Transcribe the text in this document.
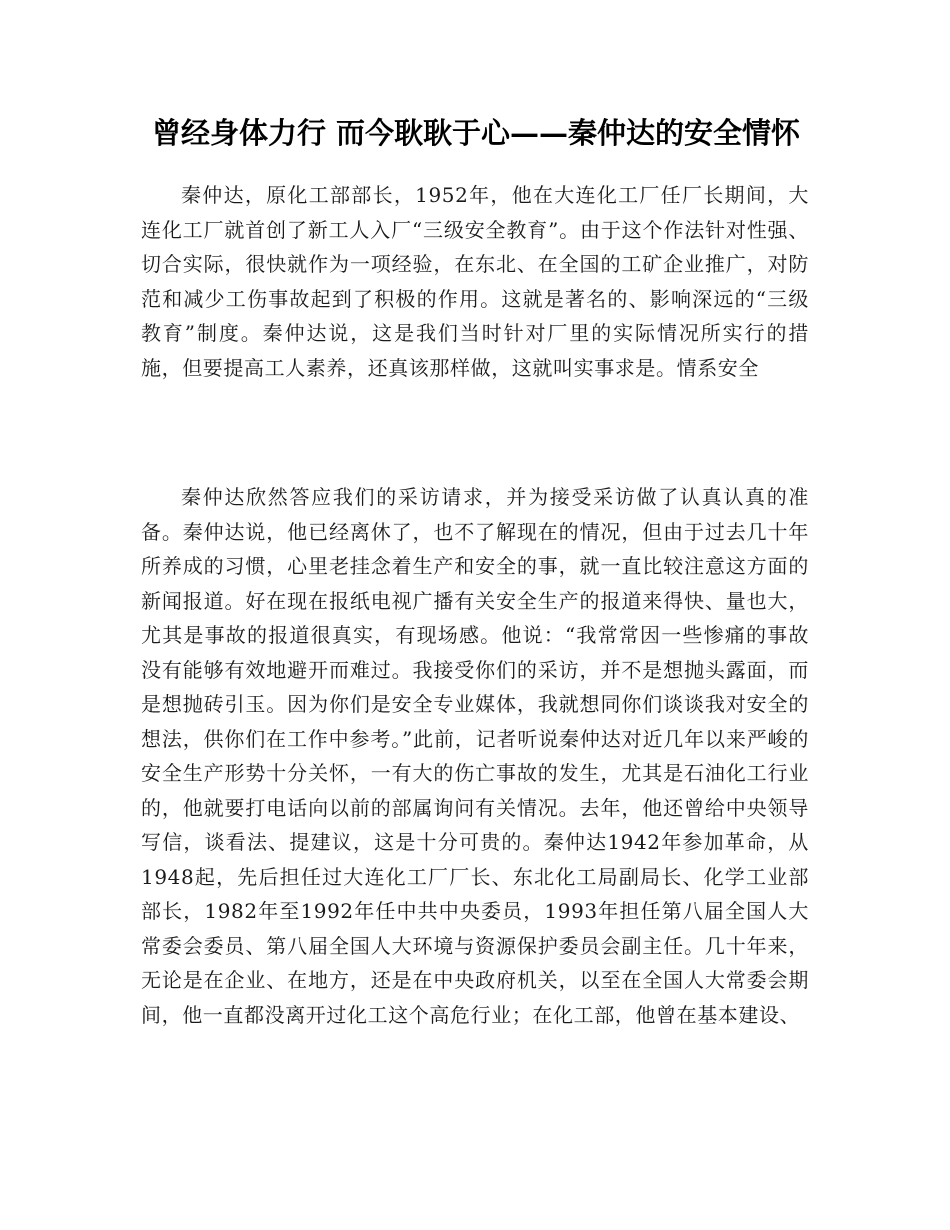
曾经身体力行 而今耿耿于心——秦仲达的安全情怀

秦仲达，原化工部部长，1952年，他在大连化工厂任厂长期间，大连化工厂就首创了新工人入厂“三级安全教育”。由于这个作法针对性强、切合实际，很快就作为一项经验，在东北、在全国的工矿企业推广，对防范和减少工伤事故起到了积极的作用。这就是著名的、影响深远的“三级教育”制度。秦仲达说，这是我们当时针对厂里的实际情况所实行的措施，但要提高工人素养，还真该那样做，这就叫实事求是。情系安全

秦仲达欣然答应我们的采访请求，并为接受采访做了认真认真的准备。秦仲达说，他已经离休了，也不了解现在的情况，但由于过去几十年所养成的习惯，心里老挂念着生产和安全的事，就一直比较注意这方面的新闻报道。好在现在报纸电视广播有关安全生产的报道来得快、量也大，尤其是事故的报道很真实，有现场感。他说：“我常常因一些惨痛的事故没有能够有效地避开而难过。我接受你们的采访，并不是想抛头露面，而是想抛砖引玉。因为你们是安全专业媒体，我就想同你们谈谈我对安全的想法，供你们在工作中参考。”此前，记者听说秦仲达对近几年以来严峻的安全生产形势十分关怀，一有大的伤亡事故的发生，尤其是石油化工行业的，他就要打电话向以前的部属询问有关情况。去年，他还曾给中央领导写信，谈看法、提建议，这是十分可贵的。秦仲达1942年参加革命，从1948起，先后担任过大连化工厂厂长、东北化工局副局长、化学工业部部长，1982年至1992年任中共中央委员，1993年担任第八届全国人大常委会委员、第八届全国人大环境与资源保护委员会副主任。几十年来，无论是在企业、在地方，还是在中央政府机关，以至在全国人大常委会期间，他一直都没离开过化工这个高危行业；在化工部，他曾在基本建设、
